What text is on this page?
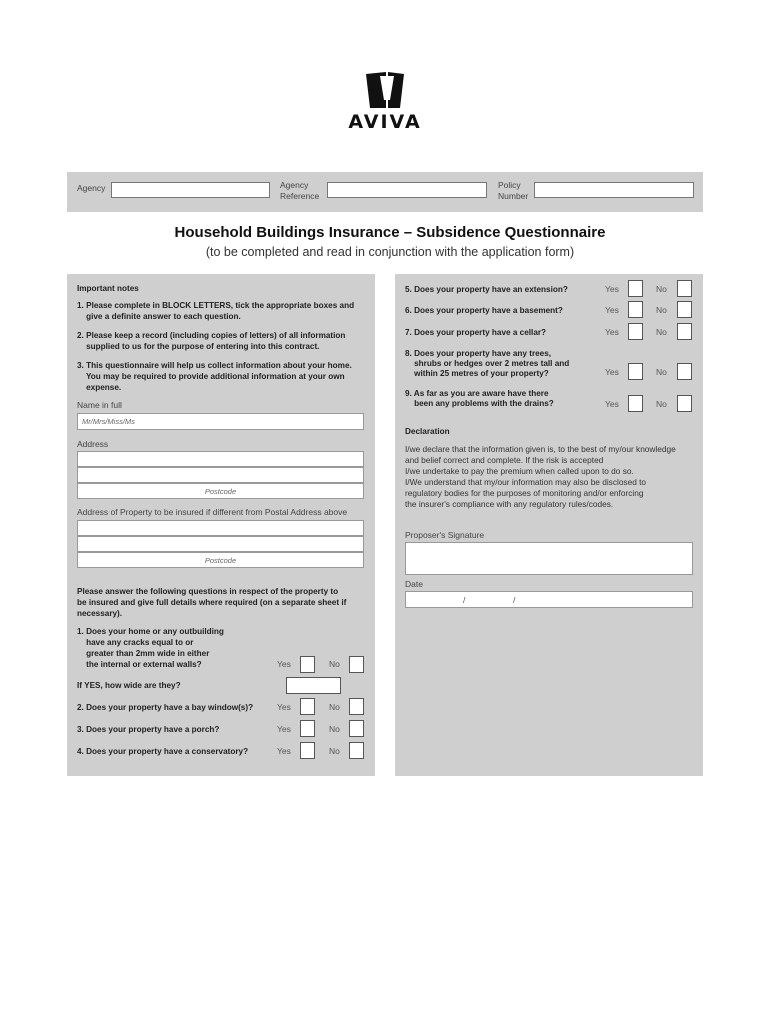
AVIVA
Agency	Agency
Reference
Policy
Number
Household Buildings Insurance – Subsidence Questionnaire
(to be completed and read in conjunction with the application form)
Important notes
1. Please complete in BLOCK LETTERS, tick the appropriate boxes and
give a definite answer to each question.
2. Please keep a record (including copies of letters) of all information
supplied to us for the purpose of entering into this contract.
3. This questionnaire will help us collect information about your home.
You may be required to provide additional information at your own
expense.
Name in full
Mr/Mrs/Miss/Ms
Address
Postcode
Address of Property to be insured if different from Postal Address above
Postcode
Please answer the following questions in respect of the property to
be insured and give full details where required (on a separate sheet if
necessary).
1. Does your home or any outbuilding
have any cracks equal to or
greater than 2mm wide in either
the internal or external walls?	Yes	No
If YES, how wide are they?
2. Does your property have a bay window(s)?	Yes	No
3. Does your property have a porch?	Yes	No
4. Does your property have a conservatory?	Yes	No
5. Does your property have an extension?	Yes	No
6. Does your property have a basement?	Yes	No
7. Does your property have a cellar?	Yes	No
8. Does your property have any trees,
shrubs or hedges over 2 metres tall and
within 25 metres of your property?	Yes	No
9. As far as you are aware have there
been any problems with the drains?	Yes	No
Declaration
I/we declare that the information given is, to the best of my/our knowledge
and belief correct and complete. If the risk is accepted
I/we undertake to pay the premium when called upon to do so.
I/We understand that my/our information may also be disclosed to
regulatory bodies for the purposes of monitoring and/or enforcing
the insurer's compliance with any regulatory rules/codes.
Proposer's Signature
Date
/	/
